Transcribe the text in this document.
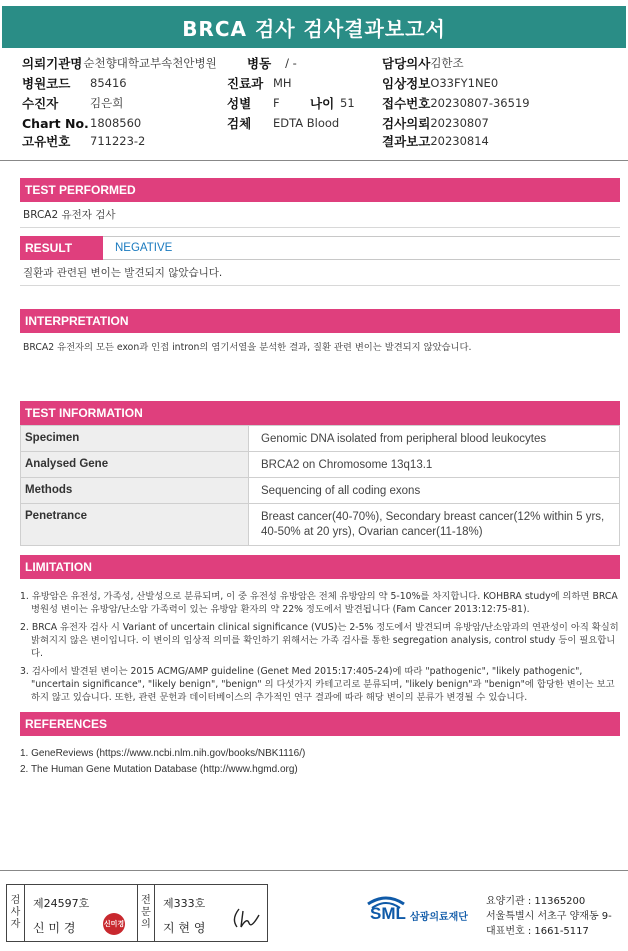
BRCA 검사 검사결과보고서
의뢰기관명 순천향대학교부속천안병원 병동 / -	담당의사 김한조
병원코드	85416	진료과 MH	임상정보 O33FY1NE0
수진자	김은희	성별	F 나이 51 접수번호 20230807-36519
Chart No. 1808560	검체	EDTA Blood	검사의뢰 20230807
고유번호	711223-2	결과보고 20230814
TEST PERFORMED
BRCA2 유전자 검사
RESULT	NEGATIVE
질환과 관련된 변이는 발견되지 않았습니다.
INTERPRETATION
BRCA2 유전자의 모든 exon과 인접 intron의 염기서열을 분석한 결과, 질환 관련 변이는 발견되지 않았습니다.
TEST INFORMATION
Specimen	Genomic DNA isolated from peripheral blood leukocytes
Analysed Gene	BRCA2 on Chromosome 13q13.1
Methods	Sequencing of all coding exons
Penetrance	Breast cancer(40-70%), Secondary breast cancer(12% within 5 yrs, 40-50% at 20 yrs), Ovarian cancer(11-18%)
LIMITATION
1. 유방암은 유전성, 가족성, 산발성으로 분류되며, 이 중 유전성 유방암은 전체 유방암의 약 5-10%를 차지합니다. KOHBRA study에 의하면 BRCA 병원성 변이는 유방암/난소암 가족력이 있는 유방암 환자의 약 22% 정도에서 발견됩니다 (Fam Cancer 2013:12:75-81).
2. BRCA 유전자 검사 시 Variant of uncertain clinical significance (VUS)는 2-5% 정도에서 발견되며 유방암/난소암과의 연관성이 아직 확실히 밝혀지지 않은 변이입니다. 이 변이의 임상적 의미를 확인하기 위해서는 가족 검사를 통한 segregation analysis, control study 등이 필요합니다.
3. 검사에서 발견된 변이는 2015 ACMG/AMP guideline (Genet Med 2015:17:405-24)에 따라 "pathogenic", "likely pathogenic", "uncertain significance", "likely benign", "benign" 의 다섯가지 카테고리로 분류되며, "likely benign"과 "benign"에 합당한 변이는 보고하지 않고 있습니다. 또한, 관련 문헌과 데이터베이스의 추가적인 연구 결과에 따라 해당 변이의 분류가 변경될 수 있습니다.
REFERENCES
1. GeneReviews (https://www.ncbi.nlm.nih.gov/books/NBK1116/)
2. The Human Gene Mutation Database (http://www.hgmd.org)
검
사
자
제24597호
신 미 경	신미경
전
문
의
제333호
지 현 영
SML 삼광의료재단
요양기관 : 11365200
서울특별시 서초구 양재동 9-
대표번호 : 1661-5117
